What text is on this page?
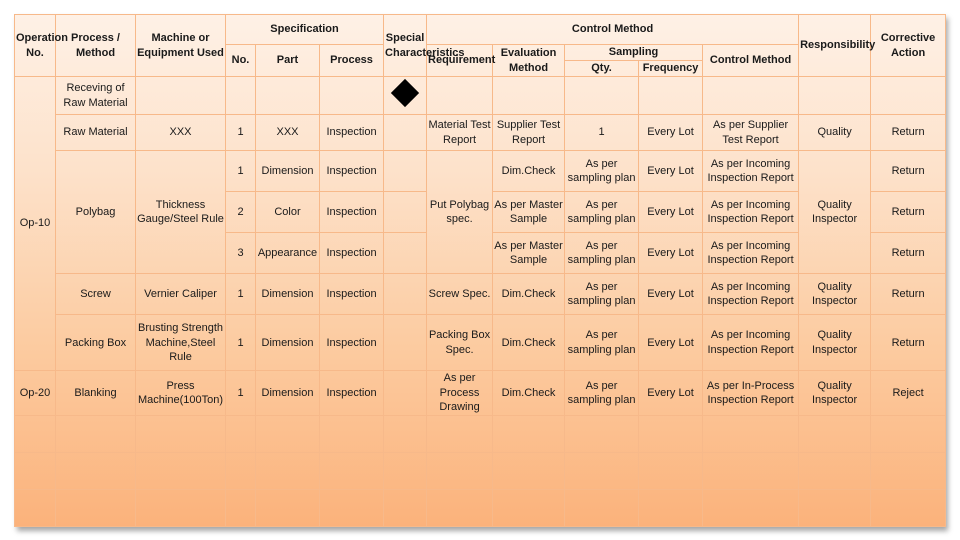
Operation No.	Process / Method	Machine or Equipment Used	Specification			Special Characteristics	Control Method					Responsibility	Corrective Action
			No.	Part	Process		Requirement	Evaluation Method	Sampling		Control Method		
									Qty.	Frequency			
Op-10	Receving of Raw Material												
	Raw Material	XXX	1	XXX	Inspection		Material Test Report	Supplier Test Report	1	Every Lot	As per Supplier Test Report	Quality	Return
	Polybag	Thickness Gauge/Steel Rule	1	Dimension	Inspection		Put Polybag spec.	Dim.Check	As per sampling plan	Every Lot	As per Incoming Inspection Report	Quality Inspector	Return
			2	Color	Inspection			As per Master Sample	As per sampling plan	Every Lot	As per Incoming Inspection Report		Return
			3	Appearance	Inspection			As per Master Sample	As per sampling plan	Every Lot	As per Incoming Inspection Report		Return
	Screw	Vernier Caliper	1	Dimension	Inspection		Screw Spec.	Dim.Check	As per sampling plan	Every Lot	As per Incoming Inspection Report	Quality Inspector	Return
	Packing Box	Brusting Strength Machine,Steel Rule	1	Dimension	Inspection		Packing Box Spec.	Dim.Check	As per sampling plan	Every Lot	As per Incoming Inspection Report	Quality Inspector	Return
Op-20	Blanking	Press Machine(100Ton)	1	Dimension	Inspection		As per Process Drawing	Dim.Check	As per sampling plan	Every Lot	As per In-Process Inspection Report	Quality Inspector	Reject
